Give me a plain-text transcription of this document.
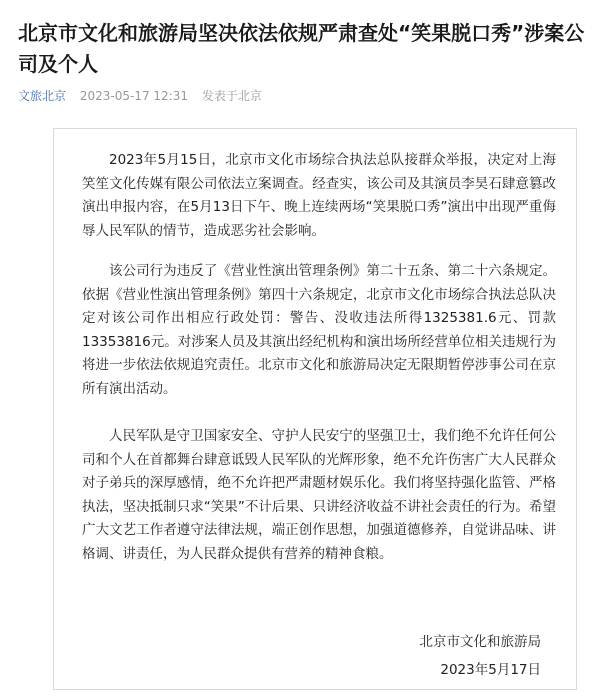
北京市文化和旅游局坚决依法依规严肃查处“笑果脱口秀”涉案公司及个人
文旅北京 2023-05-17 12:31 发表于北京

2023年5月15日，北京市文化市场综合执法总队接群众举报，决定对上海笑笙文化传媒有限公司依法立案调查。经查实，该公司及其演员李昊石肆意篡改演出申报内容，在5月13日下午、晚上连续两场“笑果脱口秀”演出中出现严重侮辱人民军队的情节，造成恶劣社会影响。

该公司行为违反了《营业性演出管理条例》第二十五条、第二十六条规定。依据《营业性演出管理条例》第四十六条规定，北京市文化市场综合执法总队决定对该公司作出相应行政处罚：警告、没收违法所得1325381.6元、罚款13353816元。对涉案人员及其演出经纪机构和演出场所经营单位相关违规行为将进一步依法依规追究责任。北京市文化和旅游局决定无限期暂停涉事公司在京所有演出活动。

人民军队是守卫国家安全、守护人民安宁的坚强卫士，我们绝不允许任何公司和个人在首都舞台肆意诋毁人民军队的光辉形象，绝不允许伤害广大人民群众对子弟兵的深厚感情，绝不允许把严肃题材娱乐化。我们将坚持强化监管、严格执法，坚决抵制只求“笑果”不计后果、只讲经济收益不讲社会责任的行为。希望广大文艺工作者遵守法律法规，端正创作思想，加强道德修养，自觉讲品味、讲格调、讲责任，为人民群众提供有营养的精神食粮。

北京市文化和旅游局
2023年5月17日
